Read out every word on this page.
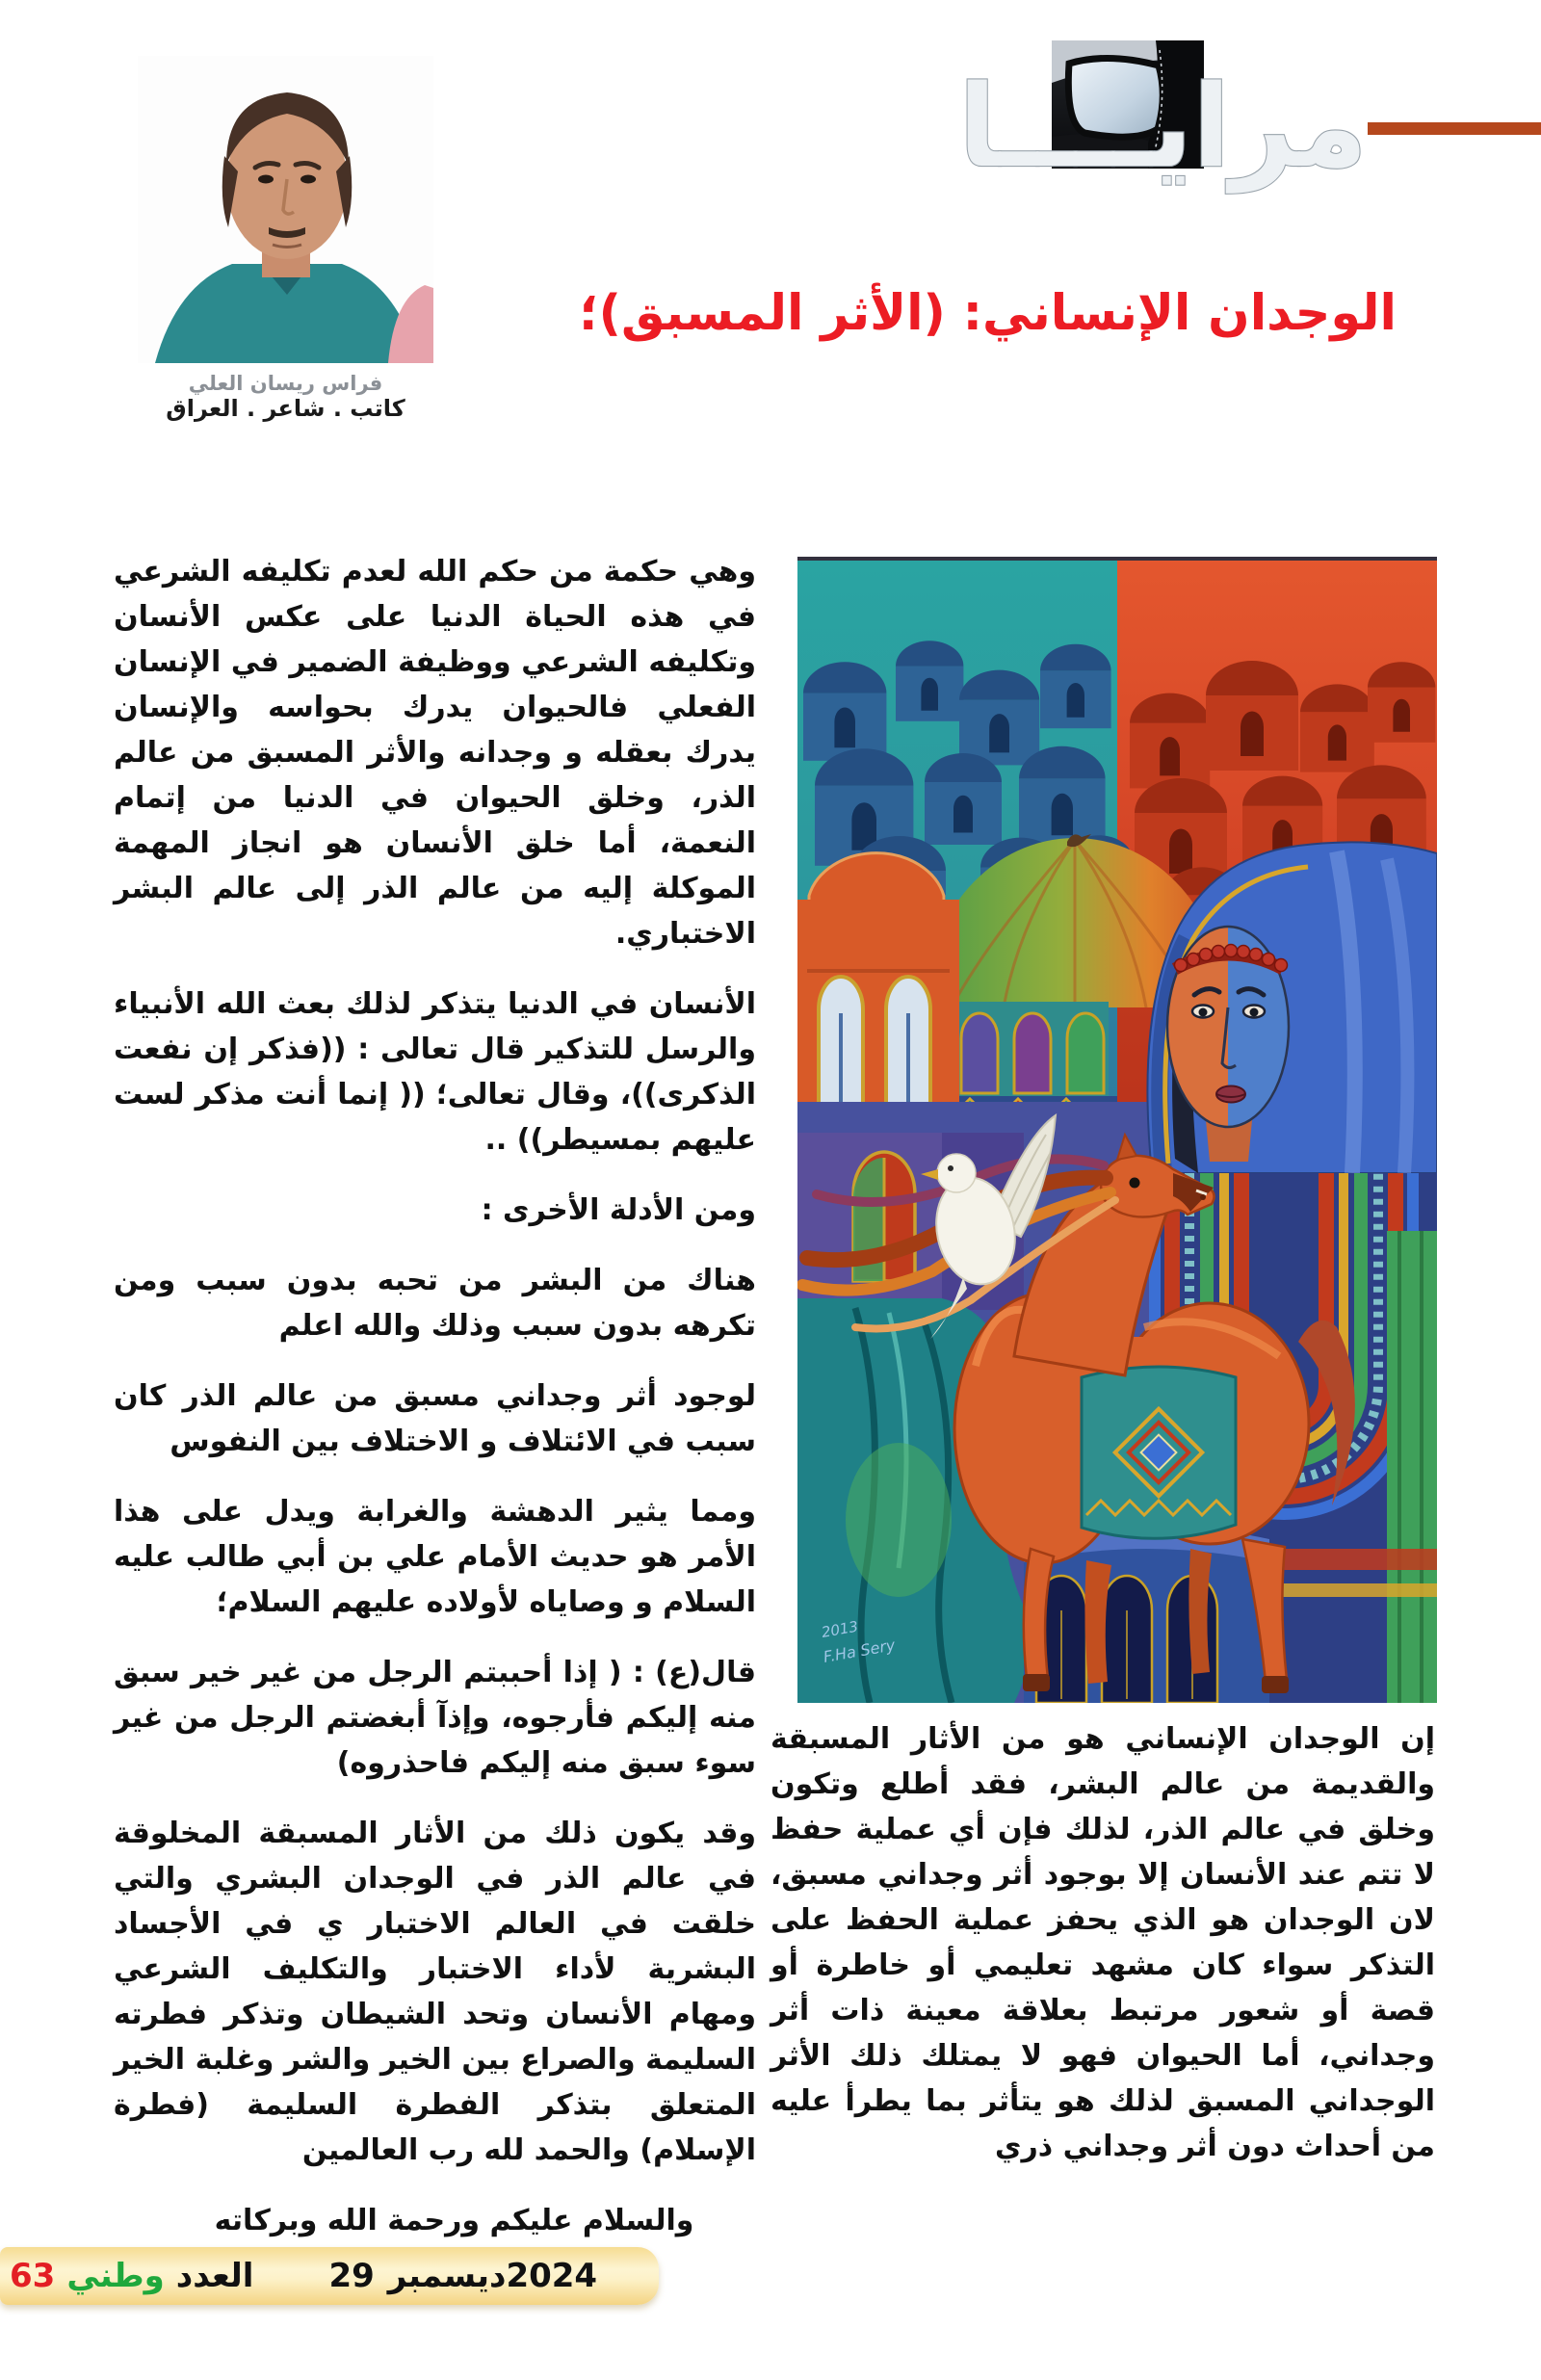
فراس ريسان العلي
كاتب . شاعر . العراق
مرايــــا
الوجدان الإنساني: (الأثر المسبق)؛

وهي حكمة من حكم الله لعدم تكليفه الشرعي في هذه الحياة الدنيا على عكس الأنسان وتكليفه الشرعي ووظيفة الضمير في الإنسان الفعلي فالحيوان يدرك بحواسه والإنسان يدرك بعقله و وجدانه والأثر المسبق من عالم الذر، وخلق الحيوان في الدنيا من إتمام النعمة، أما خلق الأنسان هو انجاز المهمة الموكلة إليه من عالم الذر إلى عالم البشر الاختباري.

الأنسان في الدنيا يتذكر لذلك بعث الله الأنبياء والرسل للتذكير قال تعالى : ((فذكر إن نفعت الذكرى))، وقال تعالى؛ (( إنما أنت مذكر لست عليهم بمسيطر)) ..

ومن الأدلة الأخرى :

هناك من البشر من تحبه بدون سبب ومن تكرهه بدون سبب وذلك والله اعلم

لوجود أثر وجداني مسبق من عالم الذر كان سبب في الائتلاف و الاختلاف بين النفوس

ومما يثير الدهشة والغرابة ويدل على هذا الأمر هو حديث الأمام علي بن أبي طالب عليه السلام و وصاياه لأولاده عليهم السلام؛

قال(ع) : ( إذا أحببتم الرجل من غير خير سبق منه إليكم فأرجوه، وإذآ أبغضتم الرجل من غير سوء سبق منه إليكم فاحذروه)

وقد يكون ذلك من الأثار المسبقة المخلوقة في عالم الذر في الوجدان البشري والتي خلقت في العالم الاختبار ي في الأجساد البشرية لأداء الاختبار والتكليف الشرعي ومهام الأنسان وتحد الشيطان وتذكر فطرته السليمة والصراع بين الخير والشر وغلبة الخير المتعلق بتذكر الفطرة السليمة (فطرة الإسلام) والحمد لله رب العالمين

والسلام عليكم ورحمة الله وبركاته

2013
F.Ha Sery

إن الوجدان الإنساني هو من الأثار المسبقة والقديمة من عالم البشر، فقد أطلع وتكون وخلق في عالم الذر، لذلك فإن أي عملية حفظ لا تتم عند الأنسان إلا بوجود أثر وجداني مسبق، لان الوجدان هو الذي يحفز عملية الحفظ على التذكر سواء كان مشهد تعليمي أو خاطرة أو قصة أو شعور مرتبط بعلاقة معينة ذات أثر وجداني، أما الحيوان فهو لا يمتلك ذلك الأثر الوجداني المسبق لذلك هو يتأثر بما يطرأ عليه من أحداث دون أثر وجداني ذري

63 وطني العدد 29 ديسمبر 2024
